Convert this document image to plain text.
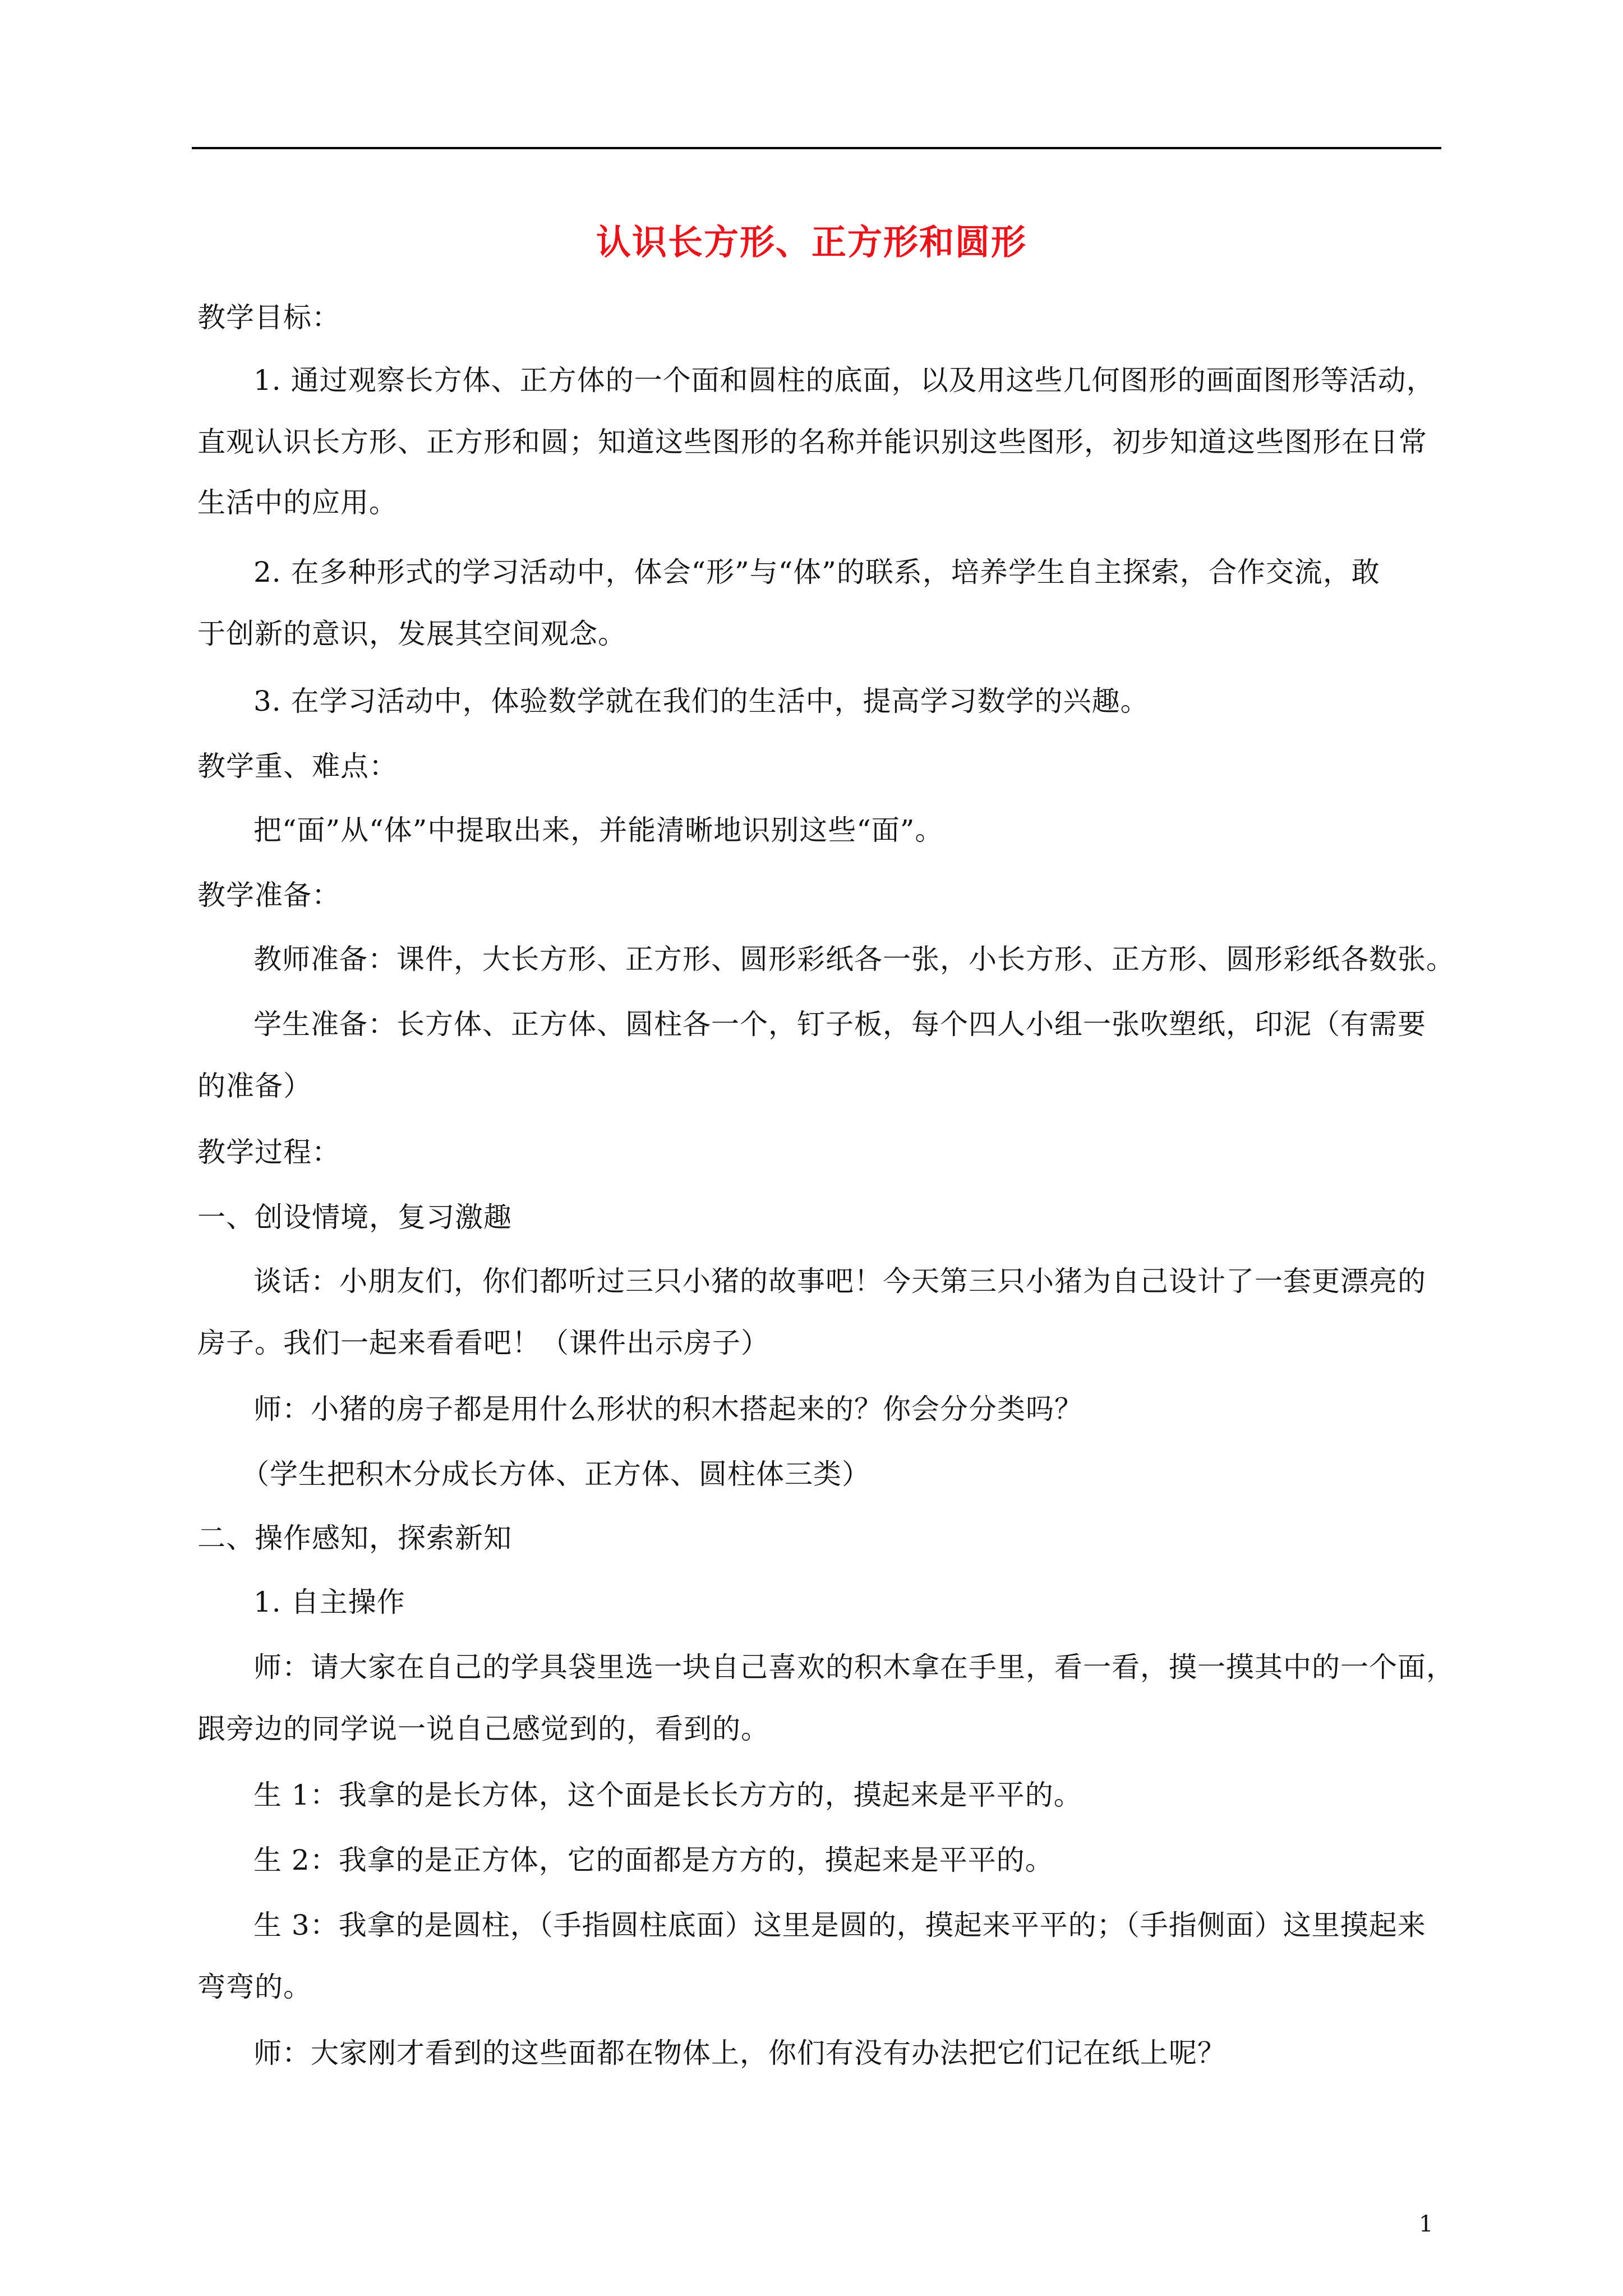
认识长方形、正方形和圆形
教学目标：
1. 通过观察长方体、正方体的一个面和圆柱的底面，以及用这些几何图形的画面图形等活动，
直观认识长方形、正方形和圆；知道这些图形的名称并能识别这些图形，初步知道这些图形在日常
生活中的应用。
2. 在多种形式的学习活动中，体会“形”与“体”的联系，培养学生自主探索，合作交流，敢
于创新的意识，发展其空间观念。
3. 在学习活动中，体验数学就在我们的生活中，提高学习数学的兴趣。
教学重、难点：
把“面”从“体”中提取出来，并能清晰地识别这些“面”。
教学准备：
教师准备：课件，大长方形、正方形、圆形彩纸各一张，小长方形、正方形、圆形彩纸各数张。
学生准备：长方体、正方体、圆柱各一个，钉子板，每个四人小组一张吹塑纸，印泥（有需要
的准备）
教学过程：
一、创设情境，复习激趣
谈话：小朋友们，你们都听过三只小猪的故事吧！今天第三只小猪为自己设计了一套更漂亮的
房子。我们一起来看看吧！（课件出示房子）
师：小猪的房子都是用什么形状的积木搭起来的？你会分分类吗？
（学生把积木分成长方体、正方体、圆柱体三类）
二、操作感知，探索新知
1. 自主操作
师：请大家在自己的学具袋里选一块自己喜欢的积木拿在手里，看一看，摸一摸其中的一个面，
跟旁边的同学说一说自己感觉到的，看到的。
生 1：我拿的是长方体，这个面是长长方方的，摸起来是平平的。
生 2：我拿的是正方体，它的面都是方方的，摸起来是平平的。
生 3：我拿的是圆柱，（手指圆柱底面）这里是圆的，摸起来平平的；（手指侧面）这里摸起来
弯弯的。
师：大家刚才看到的这些面都在物体上，你们有没有办法把它们记在纸上呢？
1
